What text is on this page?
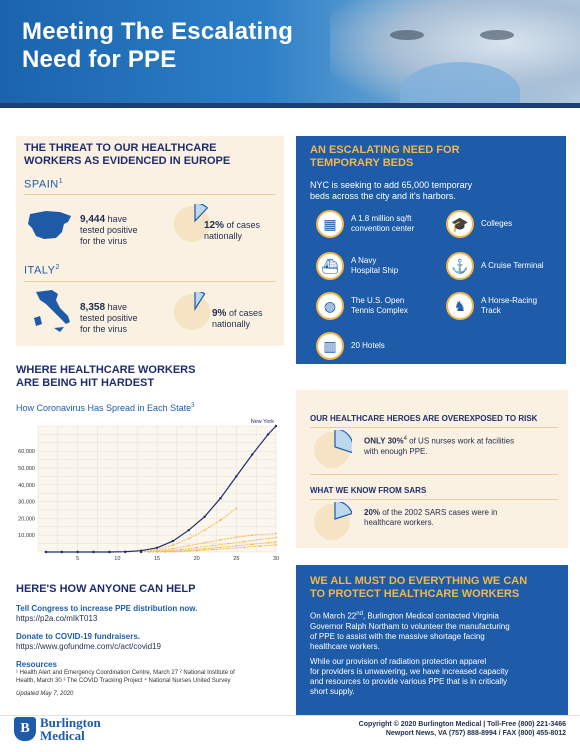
Meeting The Escalating
Need for PPE
THE THREAT TO OUR HEALTHCARE
WORKERS AS EVIDENCED IN EUROPE
SPAIN$^1$
9,444 have
tested positive
for the virus
12% of cases
nationally
ITALY$^2$
8,358 have
tested positive
for the virus
9% of cases
nationally
WHERE HEALTHCARE WORKERS
ARE BEING HIT HARDEST
How Coronavirus Has Spread in Each State$^3$
10,000
20,000
30,000
40,000
50,000
60,000
5	10	15	20	25	30
New York
HERE'S HOW ANYONE CAN HELP
Tell Congress to increase PPE distribution now.
https://p2a.co/mIkT013
Donate to COVID-19 fundraisers.
https://www.gofundme.com/c/act/covid19
Resources
¹ Health Alert and Emergency Coordination Centre, March 27 ² National Institute of
Health, March 30 ³ The COVID Tracking Project ⁴ National Nurses United Survey
Updated May 7, 2020
AN ESCALATING NEED FOR
TEMPORARY BEDS
NYC is seeking to add 65,000 temporary
beds across the city and it's harbors.
▦	A 1.8 million sq/ft
convention center	🎓	Colleges
⛴	A Navy
Hospital Ship	⚓	A Cruise Terminal
◍	The U.S. Open
Tennis Complex	♞	A Horse-Racing
Track
▥	20 Hotels
OUR HEALTHCARE HEROES ARE OVEREXPOSED TO RISK
ONLY 30%$^4$ of US nurses work at facilities
with enough PPE.
WHAT WE KNOW FROM SARS
20% of the 2002 SARS cases were in
healthcare workers.
WE ALL MUST DO EVERYTHING WE CAN
TO PROTECT HEALTHCARE WORKERS
On March 22nd, Burlington Medical contacted Virginia
Governor Ralph Northam to volunteer the manufacturing
of PPE to assist with the massive shortage facing
healthcare workers.
While our provision of radiation protection apparel
for providers is unwavering, we have increased capacity
and resources to provide various PPE that is in critically
short supply.
B Burlington
Medical
Copyright © 2020 Burlington Medical | Toll-Free (800) 221-3466
Newport News, VA (757) 888-8994 / FAX (800) 455-8012
